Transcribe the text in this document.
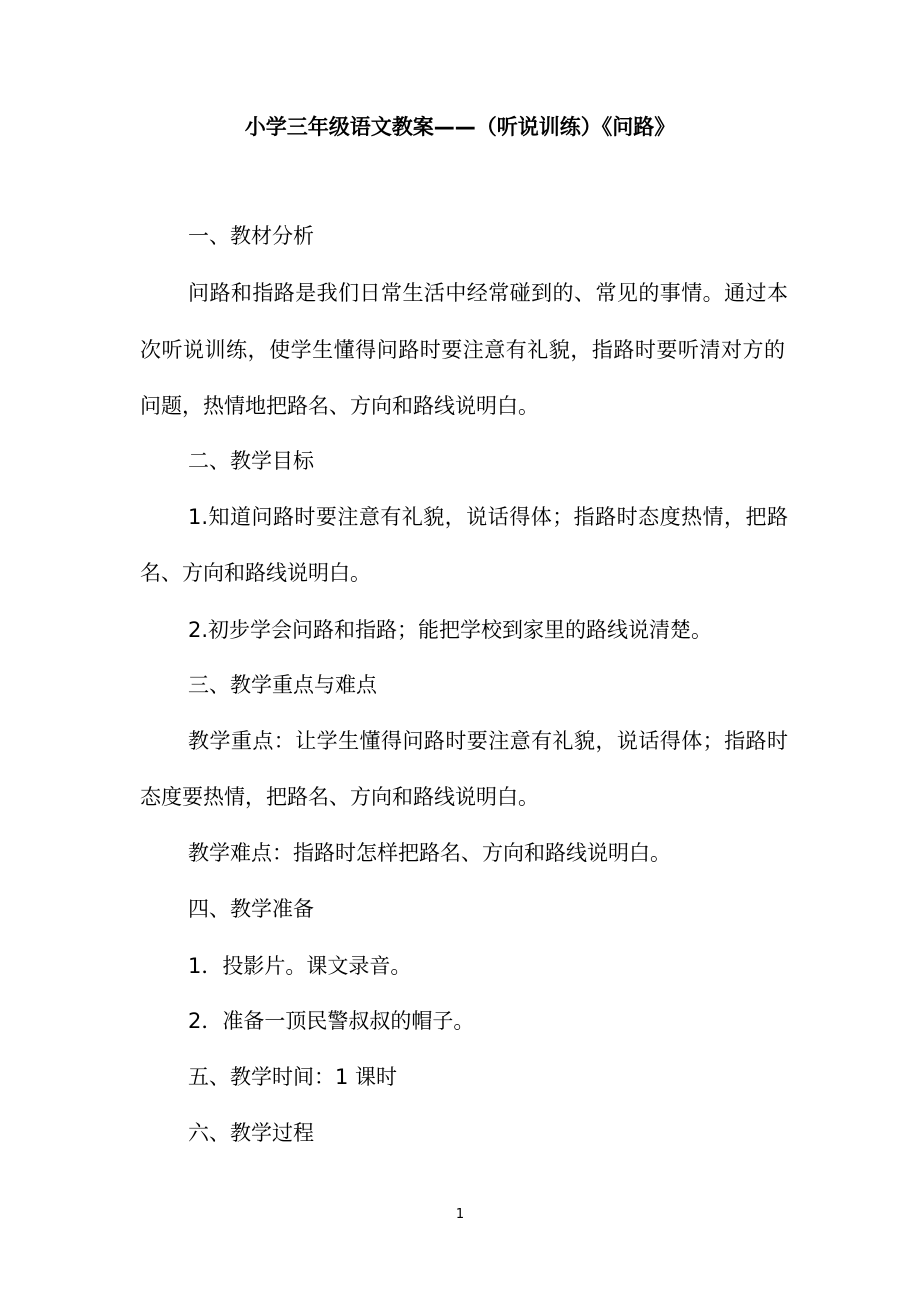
小学三年级语文教案——（听说训练）《问路》
一、教材分析
问路和指路是我们日常生活中经常碰到的、常见的事情。通过本
次听说训练，使学生懂得问路时要注意有礼貌，指路时要听清对方的
问题，热情地把路名、方向和路线说明白。
二、教学目标
1.知道问路时要注意有礼貌，说话得体；指路时态度热情，把路
名、方向和路线说明白。
2.初步学会问路和指路；能把学校到家里的路线说清楚。
三、教学重点与难点
教学重点：让学生懂得问路时要注意有礼貌，说话得体；指路时
态度要热情，把路名、方向和路线说明白。
教学难点：指路时怎样把路名、方向和路线说明白。
四、教学准备
1．投影片。课文录音。
2．准备一顶民警叔叔的帽子。
五、教学时间：1 课时
六、教学过程
1
